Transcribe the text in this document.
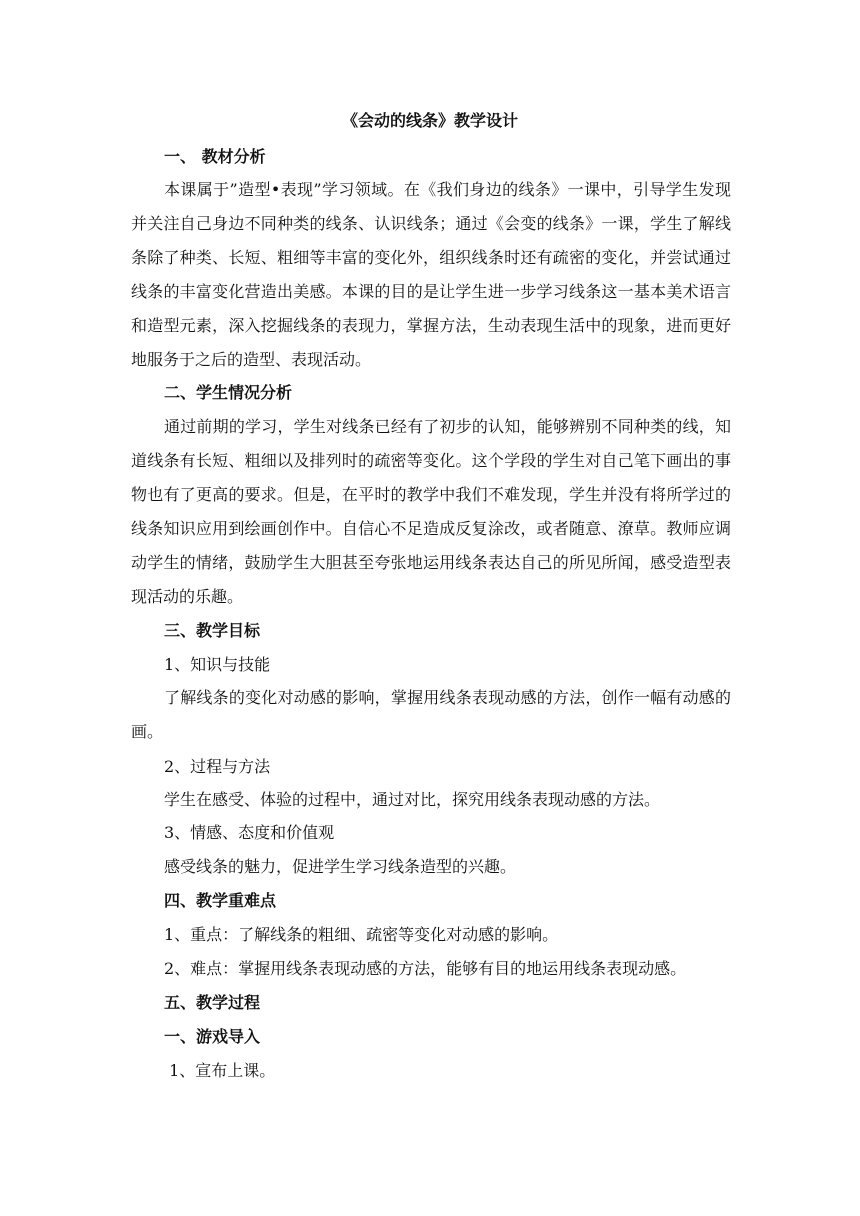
《会动的线条》教学设计
一、 教材分析
本课属于”造型•表现”学习领域。在《我们身边的线条》一课中，引导学生发现并关注自己身边不同种类的线条、认识线条；通过《会变的线条》一课，学生了解线条除了种类、长短、粗细等丰富的变化外，组织线条时还有疏密的变化，并尝试通过线条的丰富变化营造出美感。本课的目的是让学生进一步学习线条这一基本美术语言和造型元素，深入挖掘线条的表现力，掌握方法，生动表现生活中的现象，进而更好地服务于之后的造型、表现活动。
二、学生情况分析
通过前期的学习，学生对线条已经有了初步的认知，能够辨别不同种类的线，知道线条有长短、粗细以及排列时的疏密等变化。这个学段的学生对自己笔下画出的事物也有了更高的要求。但是，在平时的教学中我们不难发现，学生并没有将所学过的线条知识应用到绘画创作中。自信心不足造成反复涂改，或者随意、潦草。教师应调动学生的情绪，鼓励学生大胆甚至夸张地运用线条表达自己的所见所闻，感受造型表现活动的乐趣。
三、教学目标
1、知识与技能
了解线条的变化对动感的影响，掌握用线条表现动感的方法，创作一幅有动感的画。
2、过程与方法
学生在感受、体验的过程中，通过对比，探究用线条表现动感的方法。
3、情感、态度和价值观
感受线条的魅力，促进学生学习线条造型的兴趣。
四、教学重难点
1、重点：了解线条的粗细、疏密等变化对动感的影响。
2、难点：掌握用线条表现动感的方法，能够有目的地运用线条表现动感。
五、教学过程
一、游戏导入
1、宣布上课。
